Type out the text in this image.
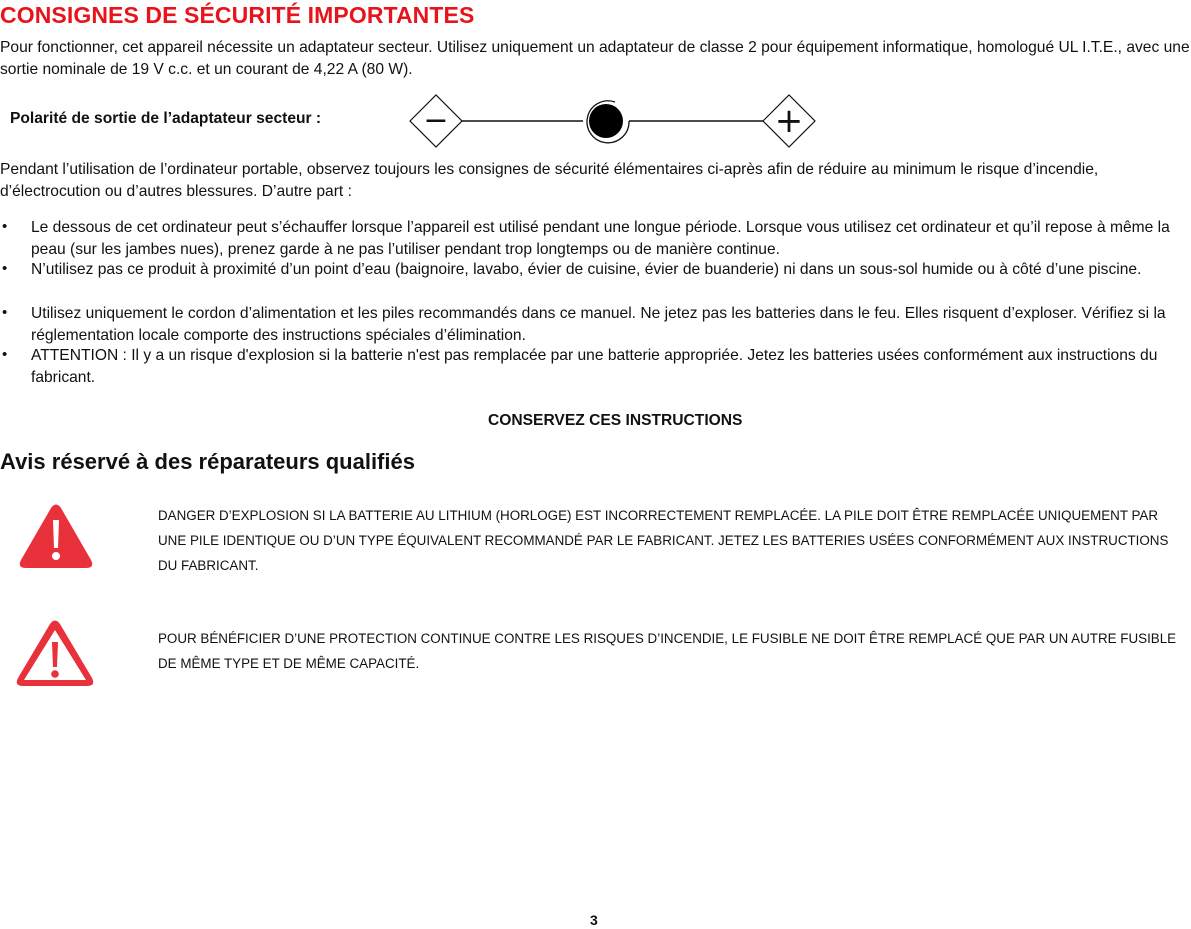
CONSIGNES DE SÉCURITÉ IMPORTANTES
Pour fonctionner, cet appareil nécessite un adaptateur secteur. Utilisez uniquement un adaptateur de classe 2 pour équipement informatique, homologué UL I.T.E., avec une sortie nominale de 19 V c.c. et un courant de 4,22 A (80 W).
Polarité de sortie de l’adaptateur secteur :	−	+
Pendant l’utilisation de l’ordinateur portable, observez toujours les consignes de sécurité élémentaires ci-après afin de réduire au minimum le risque d’incendie, d’électrocution ou d’autres blessures. D’autre part :
• Le dessous de cet ordinateur peut s’échauffer lorsque l’appareil est utilisé pendant une longue période. Lorsque vous utilisez cet ordinateur et qu’il repose à même la peau (sur les jambes nues), prenez garde à ne pas l’utiliser pendant trop longtemps ou de manière continue.
• N’utilisez pas ce produit à proximité d’un point d’eau (baignoire, lavabo, évier de cuisine, évier de buanderie) ni dans un sous-sol humide ou à côté d’une piscine.
• Utilisez uniquement le cordon d’alimentation et les piles recommandés dans ce manuel. Ne jetez pas les batteries dans le feu. Elles risquent d’exploser. Vérifiez si la réglementation locale comporte des instructions spéciales d’élimination.
• ATTENTION : Il y a un risque d'explosion si la batterie n'est pas remplacée par une batterie appropriée. Jetez les batteries usées conformément aux instructions du fabricant.
CONSERVEZ CES INSTRUCTIONS
Avis réservé à des réparateurs qualifiés
DANGER D’EXPLOSION SI LA BATTERIE AU LITHIUM (HORLOGE) EST INCORRECTEMENT REMPLACÉE. LA PILE DOIT ÊTRE REMPLACÉE UNIQUEMENT PAR UNE PILE IDENTIQUE OU D’UN TYPE ÉQUIVALENT RECOMMANDÉ PAR LE FABRICANT. JETEZ LES BATTERIES USÉES CONFORMÉMENT AUX INSTRUCTIONS DU FABRICANT.
POUR BÉNÉFICIER D’UNE PROTECTION CONTINUE CONTRE LES RISQUES D’INCENDIE, LE FUSIBLE NE DOIT ÊTRE REMPLACÉ QUE PAR UN AUTRE FUSIBLE DE MÊME TYPE ET DE MÊME CAPACITÉ.
3
